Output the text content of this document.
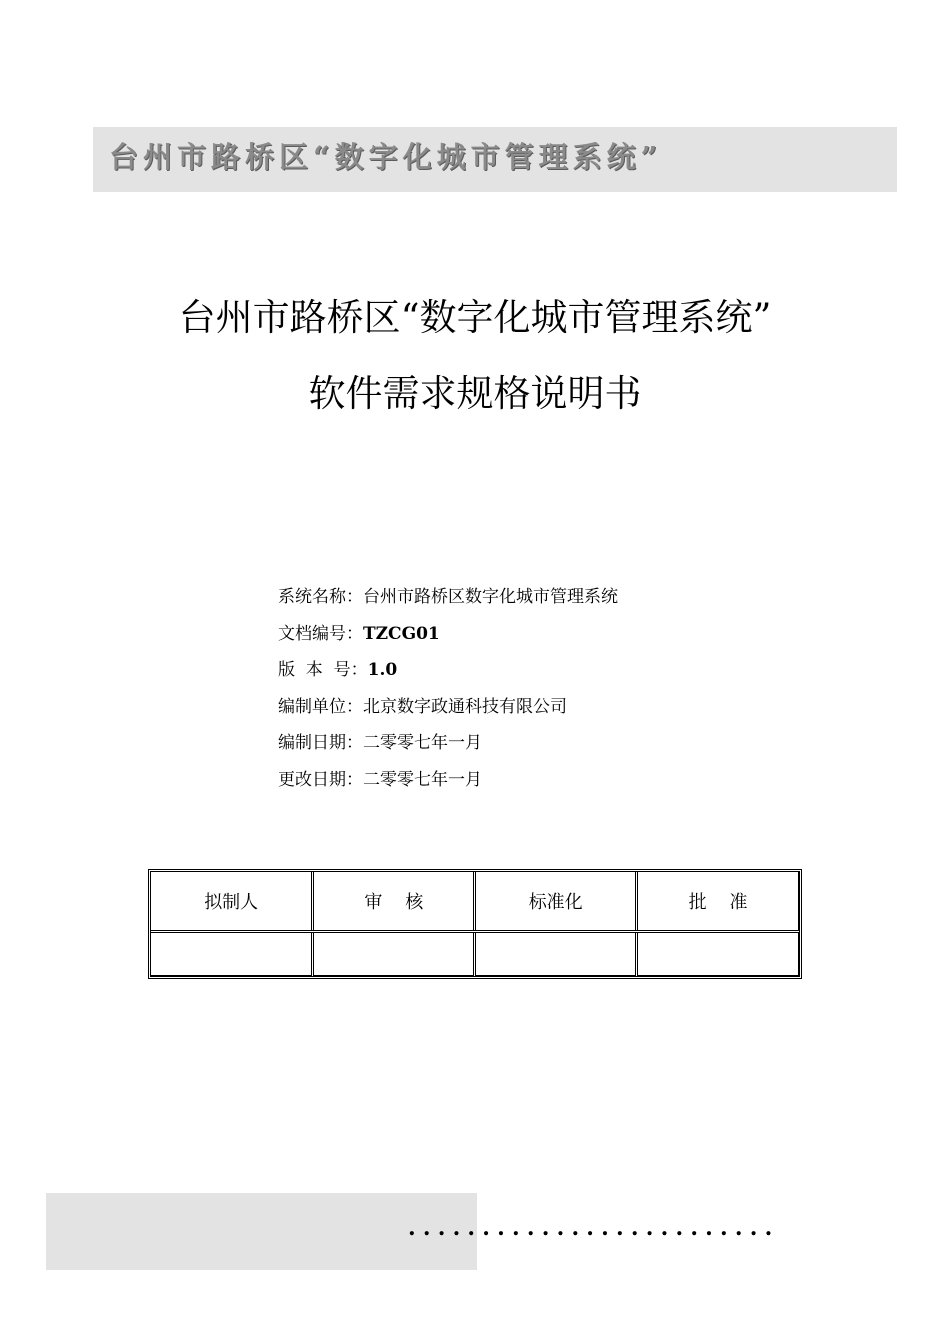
台州市路桥区“数字化城市管理系统”
台州市路桥区“数字化城市管理系统”
软件需求规格说明书
系统名称：台州市路桥区数字化城市管理系统
文档编号：TZCG01
版  本  号：1.0
编制单位：北京数字政通科技有限公司
编制日期：二零零七年一月
更改日期：二零零七年一月
拟制人	审    核	标准化	批    准

.........................
